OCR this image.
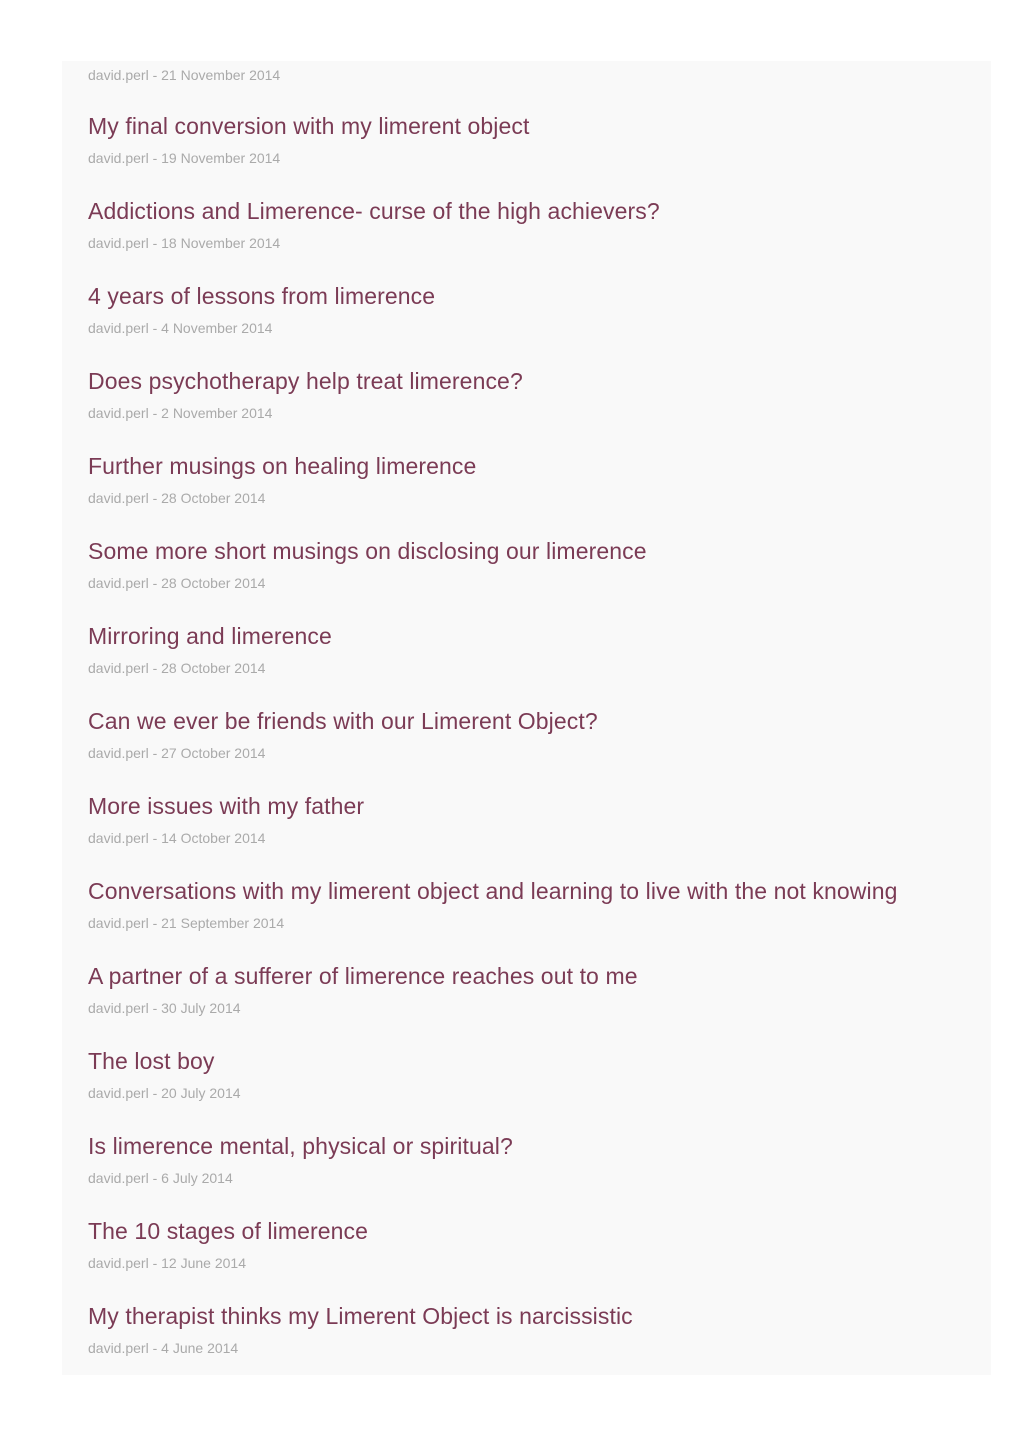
david.perl - 21 November 2014
My final conversion with my limerent object
david.perl - 19 November 2014
Addictions and Limerence- curse of the high achievers?
david.perl - 18 November 2014
4 years of lessons from limerence
david.perl - 4 November 2014
Does psychotherapy help treat limerence?
david.perl - 2 November 2014
Further musings on healing limerence
david.perl - 28 October 2014
Some more short musings on disclosing our limerence
david.perl - 28 October 2014
Mirroring and limerence
david.perl - 28 October 2014
Can we ever be friends with our Limerent Object?
david.perl - 27 October 2014
More issues with my father
david.perl - 14 October 2014
Conversations with my limerent object and learning to live with the not knowing
david.perl - 21 September 2014
A partner of a sufferer of limerence reaches out to me
david.perl - 30 July 2014
The lost boy
david.perl - 20 July 2014
Is limerence mental, physical or spiritual?
david.perl - 6 July 2014
The 10 stages of limerence
david.perl - 12 June 2014
My therapist thinks my Limerent Object is narcissistic
david.perl - 4 June 2014
